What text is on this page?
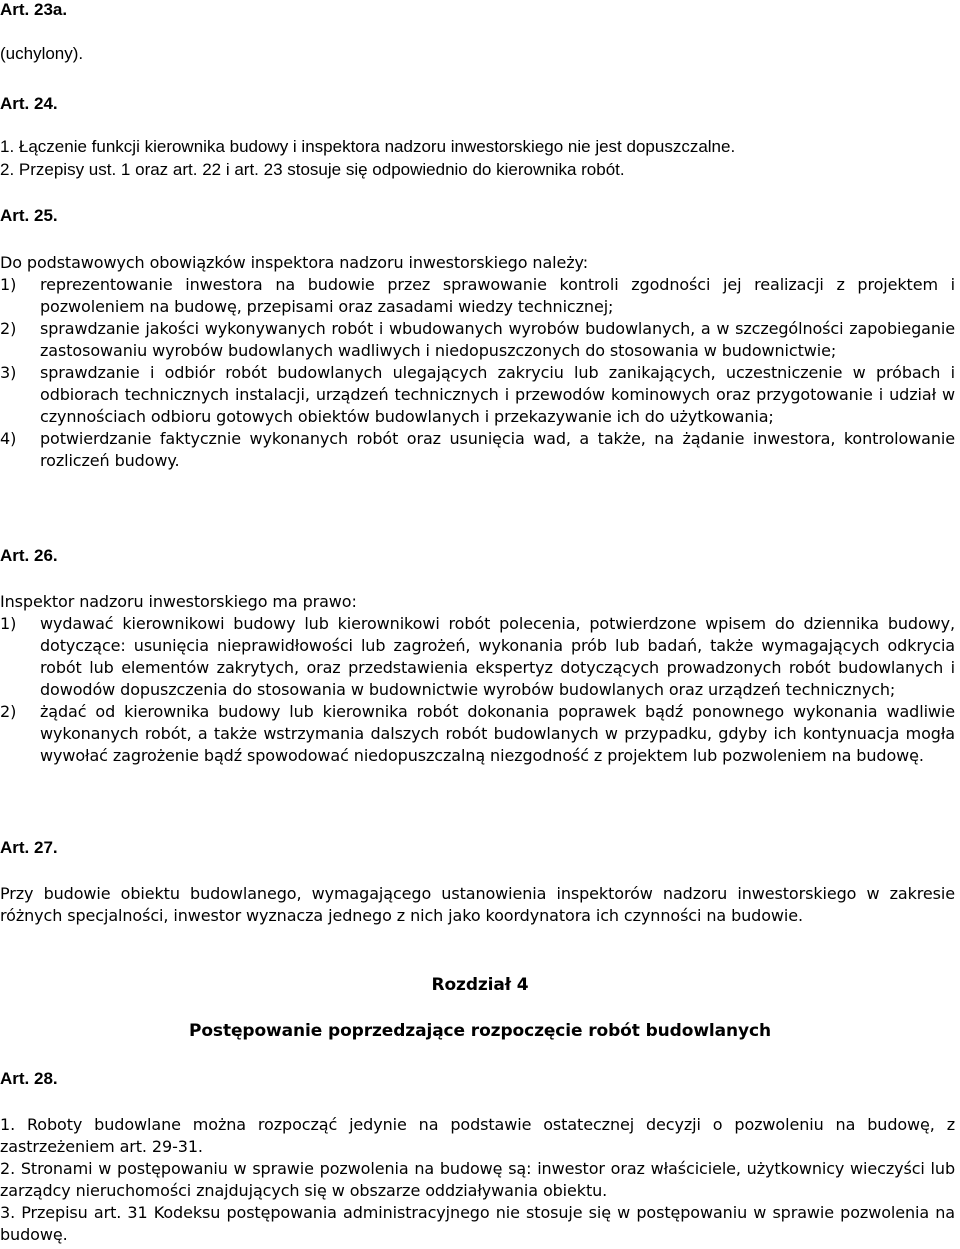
Art. 23a.

(uchylony).

Art. 24.

1. Łączenie funkcji kierownika budowy i inspektora nadzoru inwestorskiego nie jest dopuszczalne.

2. Przepisy ust. 1 oraz art. 22 i art. 23 stosuje się odpowiednio do kierownika robót.

Art. 25.

Do podstawowych obowiązków inspektora nadzoru inwestorskiego należy:

1)	reprezentowanie inwestora na budowie przez sprawowanie kontroli zgodności jej realizacji z projektem i pozwoleniem na budowę, przepisami oraz zasadami wiedzy technicznej;
2)	sprawdzanie jakości wykonywanych robót i wbudowanych wyrobów budowlanych, a w szczególności zapobieganie zastosowaniu wyrobów budowlanych wadliwych i niedopuszczonych do stosowania w budownictwie;
3)	sprawdzanie i odbiór robót budowlanych ulegających zakryciu lub zanikających, uczestniczenie w próbach i odbiorach technicznych instalacji, urządzeń technicznych i przewodów kominowych oraz przygotowanie i udział w czynnościach odbioru gotowych obiektów budowlanych i przekazywanie ich do użytkowania;
4)	potwierdzanie faktycznie wykonanych robót oraz usunięcia wad, a także, na żądanie inwestora, kontrolowanie rozliczeń budowy.

Art. 26.

Inspektor nadzoru inwestorskiego ma prawo:

1)	wydawać kierownikowi budowy lub kierownikowi robót polecenia, potwierdzone wpisem do dziennika budowy, dotyczące: usunięcia nieprawidłowości lub zagrożeń, wykonania prób lub badań, także wymagających odkrycia robót lub elementów zakrytych, oraz przedstawienia ekspertyz dotyczących prowadzonych robót budowlanych i dowodów dopuszczenia do stosowania w budownictwie wyrobów budowlanych oraz urządzeń technicznych;
2)	żądać od kierownika budowy lub kierownika robót dokonania poprawek bądź ponownego wykonania wadliwie wykonanych robót, a także wstrzymania dalszych robót budowlanych w przypadku, gdyby ich kontynuacja mogła wywołać zagrożenie bądź spowodować niedopuszczalną niezgodność z projektem lub pozwoleniem na budowę.

Art. 27.

Przy budowie obiektu budowlanego, wymagającego ustanowienia inspektorów nadzoru inwestorskiego w zakresie różnych specjalności, inwestor wyznacza jednego z nich jako koordynatora ich czynności na budowie.

Rozdział 4

Postępowanie poprzedzające rozpoczęcie robót budowlanych

Art. 28.

1. Roboty budowlane można rozpocząć jedynie na podstawie ostatecznej decyzji o pozwoleniu na budowę, z zastrzeżeniem art. 29-31.

2. Stronami w postępowaniu w sprawie pozwolenia na budowę są: inwestor oraz właściciele, użytkownicy wieczyści lub zarządcy nieruchomości znajdujących się w obszarze oddziaływania obiektu.

3. Przepisu art. 31 Kodeksu postępowania administracyjnego nie stosuje się w postępowaniu w sprawie pozwolenia na budowę.
